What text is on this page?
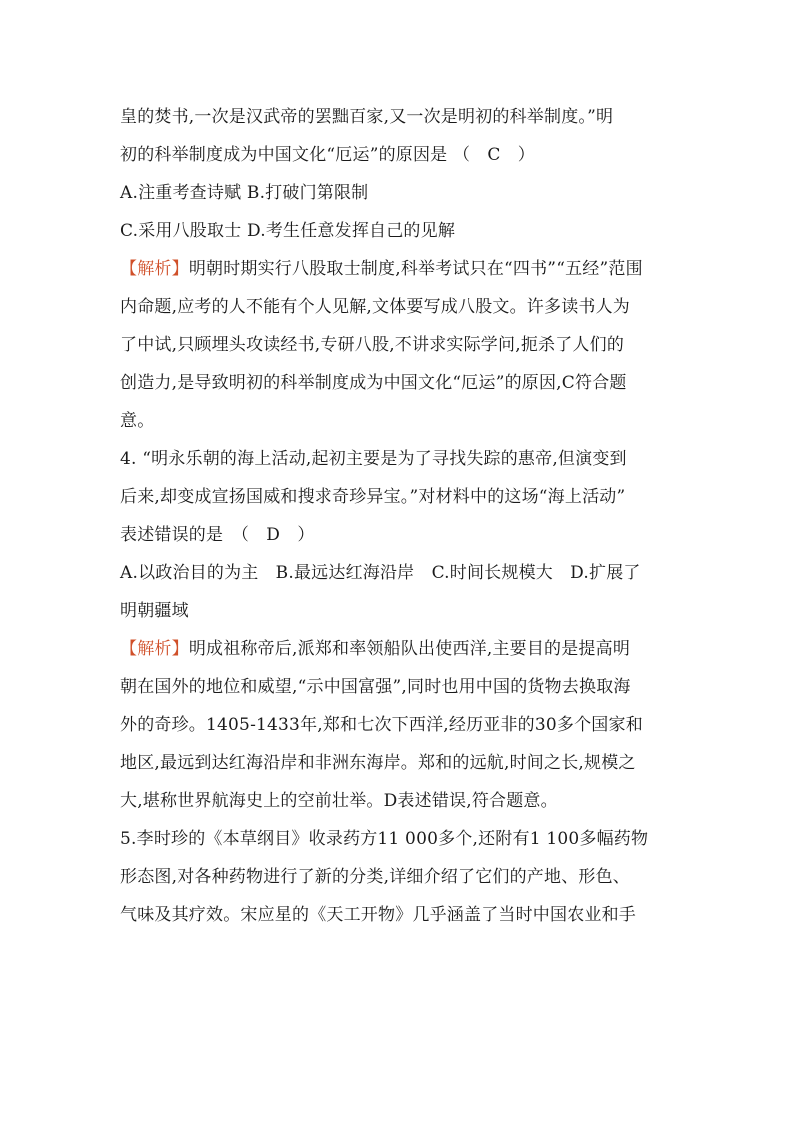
皇的焚书,一次是汉武帝的罢黜百家,又一次是明初的科举制度。”明
初的科举制度成为中国文化“厄运”的原因是 （　C　）
A.注重考查诗赋 B.打破门第限制
C.采用八股取士 D.考生任意发挥自己的见解
【解析】明朝时期实行八股取士制度,科举考试只在“四书”“五经”范围
内命题,应考的人不能有个人见解,文体要写成八股文。许多读书人为
了中试,只顾埋头攻读经书,专研八股,不讲求实际学问,扼杀了人们的
创造力,是导致明初的科举制度成为中国文化“厄运”的原因,C符合题
意。
4. “明永乐朝的海上活动,起初主要是为了寻找失踪的惠帝,但演变到
后来,却变成宣扬国威和搜求奇珍异宝。”对材料中的这场“海上活动”
表述错误的是　（　D　）
A.以政治目的为主　B.最远达红海沿岸　C.时间长规模大　D.扩展了
明朝疆域
【解析】明成祖称帝后,派郑和率领船队出使西洋,主要目的是提高明
朝在国外的地位和威望,“示中国富强”,同时也用中国的货物去换取海
外的奇珍。1405-1433年,郑和七次下西洋,经历亚非的30多个国家和
地区,最远到达红海沿岸和非洲东海岸。郑和的远航,时间之长,规模之
大,堪称世界航海史上的空前壮举。D表述错误,符合题意。
5.李时珍的《本草纲目》收录药方11 000多个,还附有1 100多幅药物
形态图,对各种药物进行了新的分类,详细介绍了它们的产地、形色、
气味及其疗效。宋应星的《天工开物》几乎涵盖了当时中国农业和手
